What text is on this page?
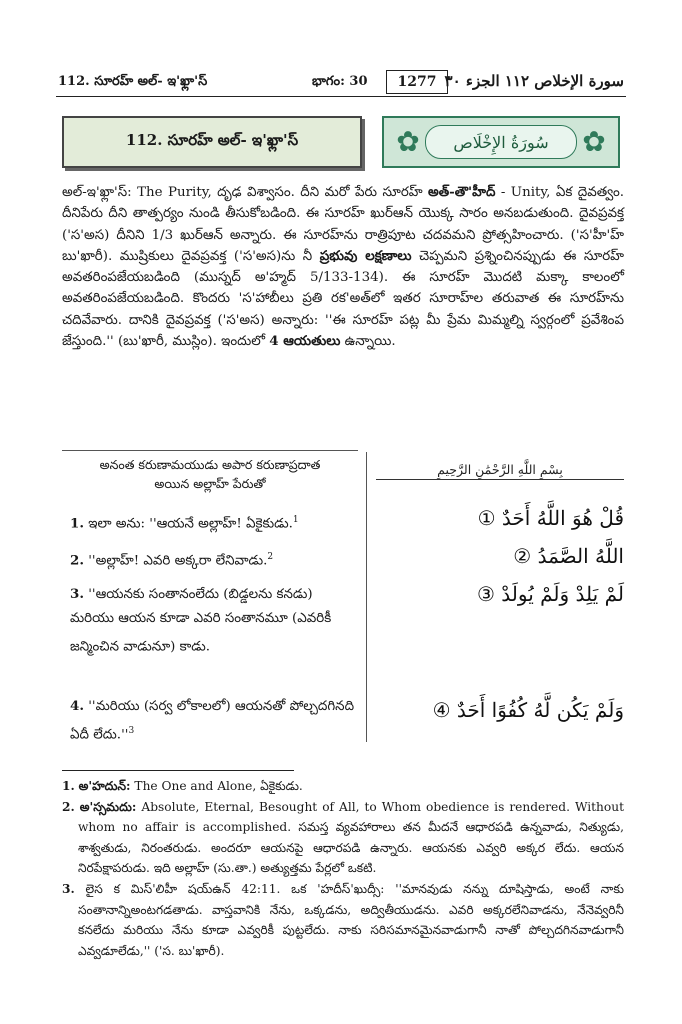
112. సూరహ్ అల్- ఇ'ఖ్లా'స్	భాగం: 30	1277 سورة الإخلاص ١١٢ الجزء ٣٠
112. సూరహ్ అల్- ఇ'ఖ్లా'స్	✿	سُورَةُ الإِخْلَاص	✿

అల్-ఇ'ఖ్లా'స్: The Purity, దృఢ విశ్వాసం. దీని మరో పేరు సూరహ్ అత్-తౌ'హీద్ - Unity, ఏక దైవత్వం. దీనిపేరు దీని తాత్పర్యం నుండి తీసుకోబడింది. ఈ సూరహ్ ఖుర్ఆన్ యొక్క సారం అనబడుతుంది. దైవప్రవక్త ('స'అస) దీనిని 1/3 ఖుర్ఆన్ అన్నారు. ఈ సూరహ్‌ను రాత్రిపూట చదవమని ప్రోత్సహించారు. ('స'హీ'హ్ బు'ఖారీ). ముష్రికులు దైవప్రవక్త ('స'అస)ను నీ ప్రభువు లక్షణాలు చెప్పమని ప్రశ్నించినప్పుడు ఈ సూరహ్ అవతరింపజేయబడింది (ముస్నద్ అ'హ్మద్ 5/133-134). ఈ సూరహ్ మొదటి మక్కా కాలంలో అవతరింపజేయబడింది. కొందరు 'స'హాబీలు ప్రతి రక'అత్‌లో ఇతర సూరాహ్‌ల తరువాత ఈ సూరహ్‌ను చదివేవారు. దానికి దైవప్రవక్త ('స'అస) అన్నారు: ''ఈ సూరహ్ పట్ల మీ ప్రేమ మిమ్మల్ని స్వర్గంలో ప్రవేశింప జేస్తుంది.'' (బు'ఖారీ, ముస్లిం). ఇందులో 4 ఆయతులు ఉన్నాయి.

అనంత కరుణామయుడు అపార కరుణాప్రదాత
అయిన అల్లాహ్ పేరుతో
1. ఇలా అను: ''ఆయనే అల్లాహ్! ఏకైకుడు.$^1$
2. ''అల్లాహ్! ఎవరి అక్కరా లేనివాడు.$^2$
3. ''ఆయనకు సంతానంలేదు (బిడ్డలను కనడు) మరియు ఆయన కూడా ఎవరి సంతానమూ (ఎవరికీ జన్మించిన వాడునూ) కాడు.
4. ''మరియు (సర్వ లోకాలలో) ఆయనతో పోల్చదగినది ఏదీ $లేదు.''^3$
بِسْمِ اللَّهِ الرَّحْمَٰنِ الرَّحِيمِ
قُلْ هُوَ اللَّهُ أَحَدٌ ①
اللَّهُ الصَّمَدُ ②
لَمْ يَلِدْ وَلَمْ يُولَدْ ③
وَلَمْ يَكُن لَّهُ كُفُوًا أَحَدٌ ④

1. అ'హదున్: The One and Alone, ఏకైకుడు.

2. అ'స్సమదు: Absolute, Eternal, Besought of All, to Whom obedience is rendered. Without whom no affair is accomplished. సమస్త వ్యవహారాలు తన మీదనే ఆధారపడి ఉన్నవాడు, నిత్యుడు, శాశ్వతుడు, నిరంతరుడు. అందరూ ఆయనపై ఆధారపడి ఉన్నారు. ఆయనకు ఎవ్వరి అక్కర లేదు. ఆయన నిరపేక్షాపరుడు. ఇది అల్లాహ్ (సు.తా.) అత్యుత్తమ పేర్లలో ఒకటి.

3. లైస క మిస్'లిహీ షయ్ఉన్ 42:11. ఒక 'హదీస్'ఖుద్సీ: ''మానవుడు నన్ను దూషిస్తాడు, అంటే నాకు సంతానాన్నిఅంటగడతాడు. వాస్తవానికి నేను, ఒక్కడను, అద్వితీయుడను. ఎవరి అక్కరలేనివాడను, నేనెవ్వరినీ కనలేదు మరియు నేను కూడా ఎవ్వరికీ పుట్టలేదు. నాకు సరిసమానమైనవాడుగానీ నాతో పోల్చదగినవాడుగానీ ఎవ్వడూలేడు,'' ('స. బు'ఖారీ).
